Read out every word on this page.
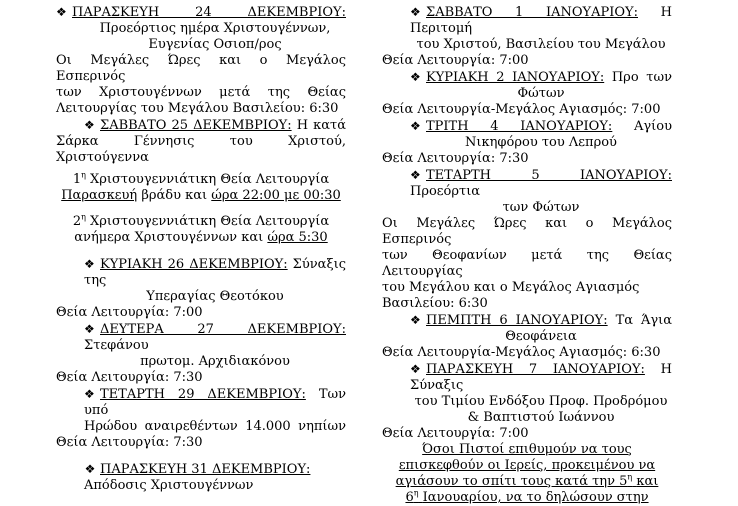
❖ ΠΑΡΑΣΚΕΥΗ 24 ΔΕΚΕΜΒΡΙΟΥ:

Προεόρτιος ημέρα Χριστουγέννων,

Ευγενίας Οσιοπ/ρος

Οι Μεγάλες Ώρες και ο Μεγάλος Εσπερινός

των Χριστουγέννων μετά της Θείας

Λειτουργίας του Μεγάλου Βασιλείου: 6:30

❖ ΣΑΒΒΑΤΟ 25 ΔΕΚΕΜΒΡΙΟΥ: Η κατά

Σάρκα Γέννησις του Χριστού,

Χριστούγεννα

$1^\eta$ Χριστουγεννιάτικη Θεία Λειτουργία

Παρασκευή βράδυ και ώρα 22:00 με 00:30

$2^\eta$ Χριστουγεννιάτικη Θεία Λειτουργία

ανήμερα Χριστουγέννων και ώρα 5:30

❖ ΚΥΡΙΑΚΗ 26 ΔΕΚΕΜΒΡΙΟΥ: Σύναξις της

Υπεραγίας Θεοτόκου

Θεία Λειτουργία: 7:00

❖ ΔΕΥΤΕΡΑ 27 ΔΕΚΕΜΒΡΙΟΥ: Στεφάνου

πρωτομ. Αρχιδιακόνου

Θεία Λειτουργία: 7:30

❖ ΤΕΤΑΡΤΗ 29 ΔΕΚΕΜΒΡΙΟΥ: Των υπό

Ηρώδου αναιρεθέντων 14.000 νηπίων

Θεία Λειτουργία: 7:30

❖ ΠΑΡΑΣΚΕΥΗ 31 ΔΕΚΕΜΒΡΙΟΥ:

Απόδοσις Χριστουγέννων

❖ ΣΑΒΒΑΤΟ 1 ΙΑΝΟΥΑΡΙΟΥ: Η Περιτομή

του Χριστού, Βασιλείου του Μεγάλου

Θεία Λειτουργία: 7:00

❖ ΚΥΡΙΑΚΗ 2 ΙΑΝΟΥΑΡΙΟΥ: Προ των

Φώτων

Θεία Λειτουργία-Μεγάλος Αγιασμός: 7:00

❖ ΤΡΙΤΗ 4 ΙΑΝΟΥΑΡΙΟΥ: Αγίου

Νικηφόρου του Λεπρού

Θεία Λειτουργία: 7:30

❖ ΤΕΤΑΡΤΗ 5 ΙΑΝΟΥΑΡΙΟΥ: Προεόρτια

των Φώτων

Οι Μεγάλες Ώρες και ο Μεγάλος Εσπερινός

των Θεοφανίων μετά της Θείας Λειτουργίας

του Μεγάλου και ο Μεγάλος Αγιασμός

Βασιλείου: 6:30

❖ ΠΕΜΠΤΗ 6 ΙΑΝΟΥΑΡΙΟΥ: Τα Άγια

Θεοφάνεια

Θεία Λειτουργία-Μεγάλος Αγιασμός: 6:30

❖ ΠΑΡΑΣΚΕΥΗ 7 ΙΑΝΟΥΑΡΙΟΥ: Η Σύναξις

του Τιμίου Ενδόξου Προφ. Προδρόμου

& Βαπτιστού Ιωάννου

Θεία Λειτουργία: 7:00

Όσοι Πιστοί επιθυμούν να τους

επισκεφθούν οι Ιερείς, προκειμένου να

αγιάσουν το σπίτι τους κατά την $5^\eta$ και

$6^\eta$ Ιανουαρίου, να το δηλώσουν στην
